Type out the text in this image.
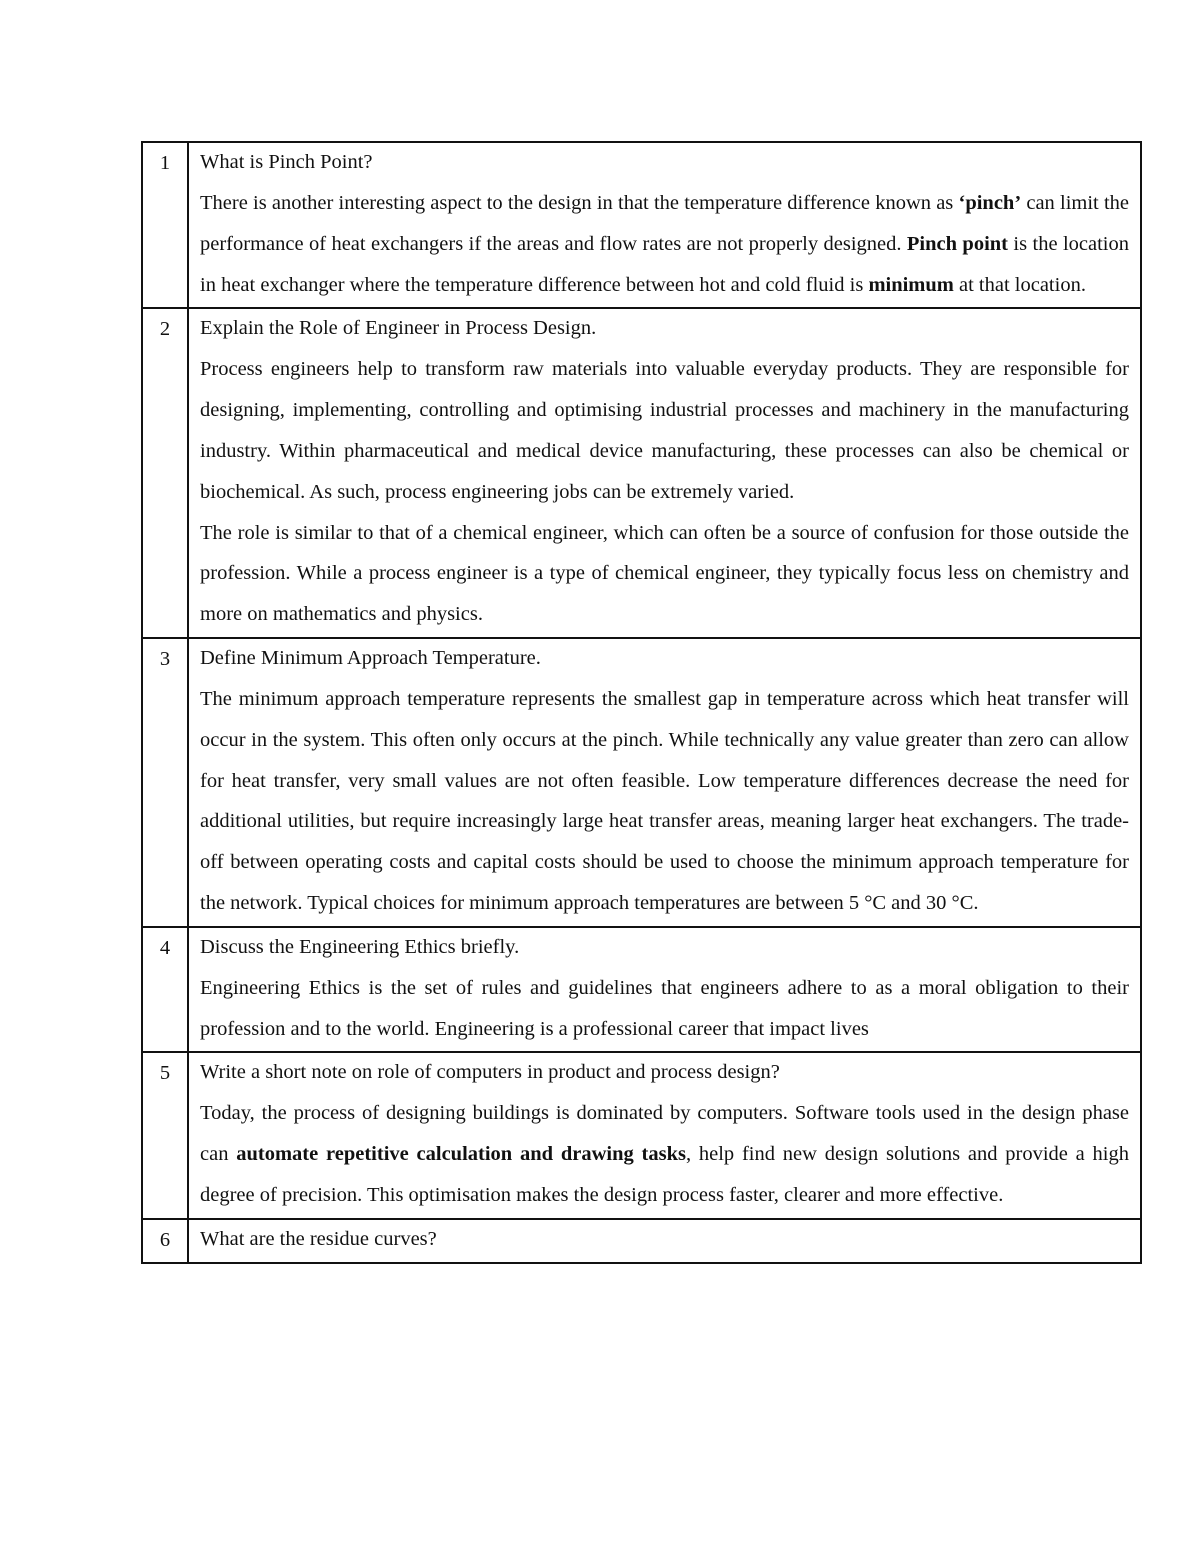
1	What is Pinch Point?

There is another interesting aspect to the design in that the temperature difference known as ‘pinch’ can limit the performance of heat exchangers if the areas and flow rates are not properly designed. Pinch point is the location in heat exchanger where the temperature difference between hot and cold fluid is minimum at that location.

2	Explain the Role of Engineer in Process Design.

Process engineers help to transform raw materials into valuable everyday products. They are responsible for designing, implementing, controlling and optimising industrial processes and machinery in the manufacturing industry. Within pharmaceutical and medical device manufacturing, these processes can also be chemical or biochemical. As such, process engineering jobs can be extremely varied.

The role is similar to that of a chemical engineer, which can often be a source of confusion for those outside the profession. While a process engineer is a type of chemical engineer, they typically focus less on chemistry and more on mathematics and physics.

3	Define Minimum Approach Temperature.

The minimum approach temperature represents the smallest gap in temperature across which heat transfer will occur in the system. This often only occurs at the pinch. While technically any value greater than zero can allow for heat transfer, very small values are not often feasible. Low temperature differences decrease the need for additional utilities, but require increasingly large heat transfer areas, meaning larger heat exchangers. The trade-off between operating costs and capital costs should be used to choose the minimum approach temperature for the network. Typical choices for minimum approach temperatures are between 5 °C and 30 °C.

4	Discuss the Engineering Ethics briefly.

Engineering Ethics is the set of rules and guidelines that engineers adhere to as a moral obligation to their profession and to the world. Engineering is a professional career that impact lives

5	Write a short note on role of computers in product and process design?

Today, the process of designing buildings is dominated by computers. Software tools used in the design phase can automate repetitive calculation and drawing tasks, help find new design solutions and provide a high degree of precision. This optimisation makes the design process faster, clearer and more effective.

6	What are the residue curves?
